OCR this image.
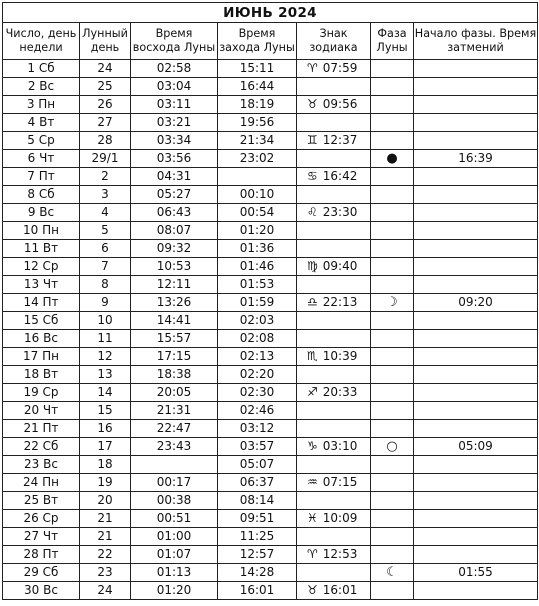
ИЮНЬ 2024						
Число, день недели	Лунный день	Время восхода Луны	Время захода Луны	Знак зодиака	Фаза Луны	Начало фазы. Время затмений
1 Сб	24	02:58	15:11	♈ 07:59		
2 Вс	25	03:04	16:44			
3 Пн	26	03:11	18:19	♉ 09:56		
4 Вт	27	03:21	19:56			
5 Ср	28	03:34	21:34	♊ 12:37		
6 Чт	29/1	03:56	23:02		●	16:39
7 Пт	2	04:31		♋ 16:42		
8 Сб	3	05:27	00:10			
9 Вс	4	06:43	00:54	♌ 23:30		
10 Пн	5	08:07	01:20			
11 Вт	6	09:32	01:36			
12 Ср	7	10:53	01:46	♍ 09:40		
13 Чт	8	12:11	01:53			
14 Пт	9	13:26	01:59	♎ 22:13	☽	09:20
15 Сб	10	14:41	02:03			
16 Вс	11	15:57	02:08			
17 Пн	12	17:15	02:13	♏ 10:39		
18 Вт	13	18:38	02:20			
19 Ср	14	20:05	02:30	♐ 20:33		
20 Чт	15	21:31	02:46			
21 Пт	16	22:47	03:12			
22 Сб	17	23:43	03:57	♑ 03:10	○	05:09
23 Вс	18		05:07			
24 Пн	19	00:17	06:37	♒ 07:15		
25 Вт	20	00:38	08:14			
26 Ср	21	00:51	09:51	♓ 10:09		
27 Чт	21	01:00	11:25			
28 Пт	22	01:07	12:57	♈ 12:53		
29 Сб	23	01:13	14:28		☾	01:55
30 Вс	24	01:20	16:01	♉ 16:01		
